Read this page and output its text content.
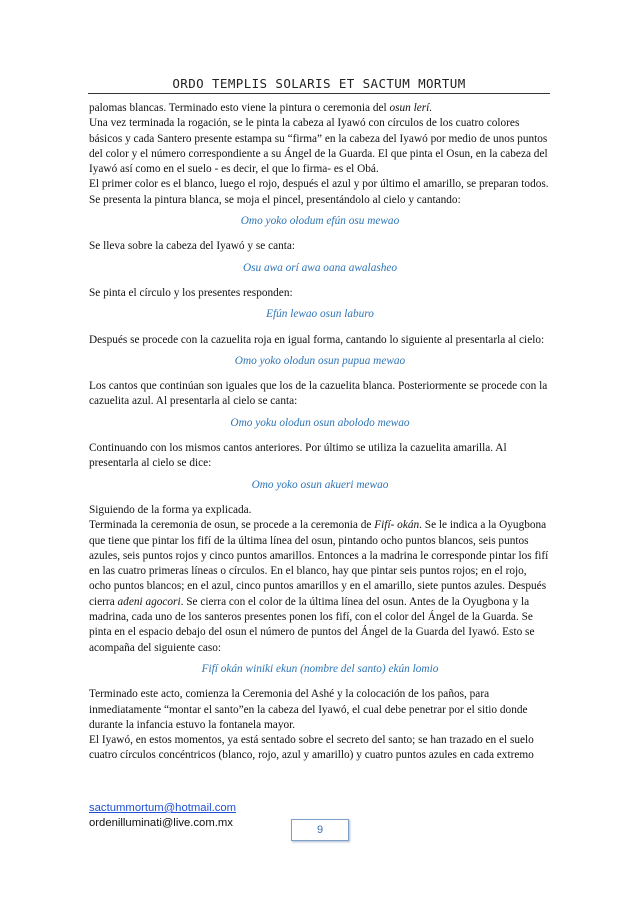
ORDO TEMPLIS SOLARIS ET SACTUM MORTUM

palomas blancas. Terminado esto viene la pintura o ceremonia del osun lerí.

Una vez terminada la rogación, se le pinta la cabeza al Iyawó con círculos de los cuatro colores básicos y cada Santero presente estampa su “firma” en la cabeza del Iyawó por medio de unos puntos del color y el número correspondiente a su Ángel de la Guarda. El que pinta el Osun, en la cabeza del Iyawó así como en el suelo - es decir, el que lo firma- es el Obá.

El primer color es el blanco, luego el rojo, después el azul y por último el amarillo, se preparan todos. Se presenta la pintura blanca, se moja el pincel, presentándolo al cielo y cantando:

Omo yoko olodum efún osu mewao

Se lleva sobre la cabeza del Iyawó y se canta:

Osu awa orí awa oana awalasheo

Se pinta el círculo y los presentes responden:

Efún lewao osun laburo

Después se procede con la cazuelita roja en igual forma, cantando lo siguiente al presentarla al cielo:

Omo yoko olodun osun pupua mewao

Los cantos que continúan son iguales que los de la cazuelita blanca. Posteriormente se procede con la cazuelita azul. Al presentarla al cielo se canta:

Omo yoku olodun osun abolodo mewao

Continuando con los mismos cantos anteriores. Por último se utiliza la cazuelita amarilla. Al presentarla al cielo se dice:

Omo yoko osun akueri mewao

Siguiendo de la forma ya explicada.

Terminada la ceremonia de osun, se procede a la ceremonia de Fifí- okán. Se le indica a la Oyugbona que tiene que pintar los fifí de la última línea del osun, pintando ocho puntos blancos, seis puntos azules, seis puntos rojos y cinco puntos amarillos. Entonces a la madrina le corresponde pintar los fifí en las cuatro primeras líneas o círculos. En el blanco, hay que pintar seis puntos rojos; en el rojo, ocho puntos blancos; en el azul, cinco puntos amarillos y en el amarillo, siete puntos azules. Después cierra adeni agocori. Se cierra con el color de la última línea del osun. Antes de la Oyugbona y la madrina, cada uno de los santeros presentes ponen los fifí, con el color del Ángel de la Guarda. Se pinta en el espacio debajo del osun el número de puntos del Ángel de la Guarda del Iyawó. Esto se acompaña del siguiente caso:

Fifí okán winiki ekun (nombre del santo) ekún lomio

Terminado este acto, comienza la Ceremonia del Ashé y la colocación de los paños, para inmediatamente “montar el santo”en la cabeza del Iyawó, el cual debe penetrar por el sitio donde durante la infancia estuvo la fontanela mayor.

El Iyawó, en estos momentos, ya está sentado sobre el secreto del santo; se han trazado en el suelo cuatro círculos concéntricos (blanco, rojo, azul y amarillo) y cuatro puntos azules en cada extremo

sactummortum@hotmail.com
ordenilluminati@live.com.mx
9
